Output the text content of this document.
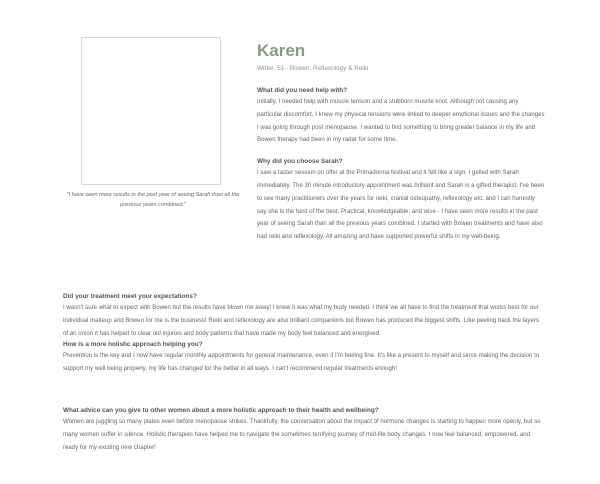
"I have seen more results in the past year of seeing Sarah than all the previous years combined."
Karen
Writer, 51 - Bowen, Reflexology & Reiki
What did you need help with?
Initially, I needed help with muscle tension and a stubborn muscle knot. Although not causing any particular discomfort, I knew my physical tensions were linked to deeper emotional issues and the changes I was going through post menopause. I wanted to find something to bring greater balance in my life and Bowen therapy had been in my radar for some time.
Why did you choose Sarah?
I saw a taster session on offer at the Primadonna festival and it felt like a sign. I gelled with Sarah immediately. The 30 minute introductory appointment was brilliant and Sarah is a gifted therapist. I've been to see many practitioners over the years for reiki, cranial osteopathy, reflexology etc. and I can honestly say she is the best of the best. Practical, knowledgeable, and wise - I have seen more results in the past year of seeing Sarah than all the previous years combined. I started with Bowen treatments and have also had reiki and reflexology. All amazing and have supported powerful shifts in my well-being.
Did your treatment meet your expectations?
I wasn't sure what to expect with Bowen but the results have blown me away! I knew it was what my body needed. I think we all have to find the treatment that works best for our individual makeup and Bowen for me is the business! Reiki and reflexology are also brilliant companions but Bowen has produced the biggest shifts. Like peeling back the layers of an onion it has helped to clear old injuries and body patterns that have made my body feel balanced and energised.
How is a more holistic approach helping you?
Prevention is the key and I now have regular monthly appointments for general maintenance, even if I'm feeling fine. It's like a present to myself and since making the decision to support my well being properly, my life has changed for the better in all ways. I can't recommend regular treatments enough!
What advice can you give to other women about a more holistic approach to their health and wellbeing?
Women are juggling so many plates even before menopause strikes. Thankfully, the conversation about the impact of hormone changes is starting to happen more openly, but so many women suffer in silence. Holistic therapies have helped me to navigate the sometimes terrifying journey of mid-life body changes. I now feel balanced, empowered, and ready for my exciting new chapter!
